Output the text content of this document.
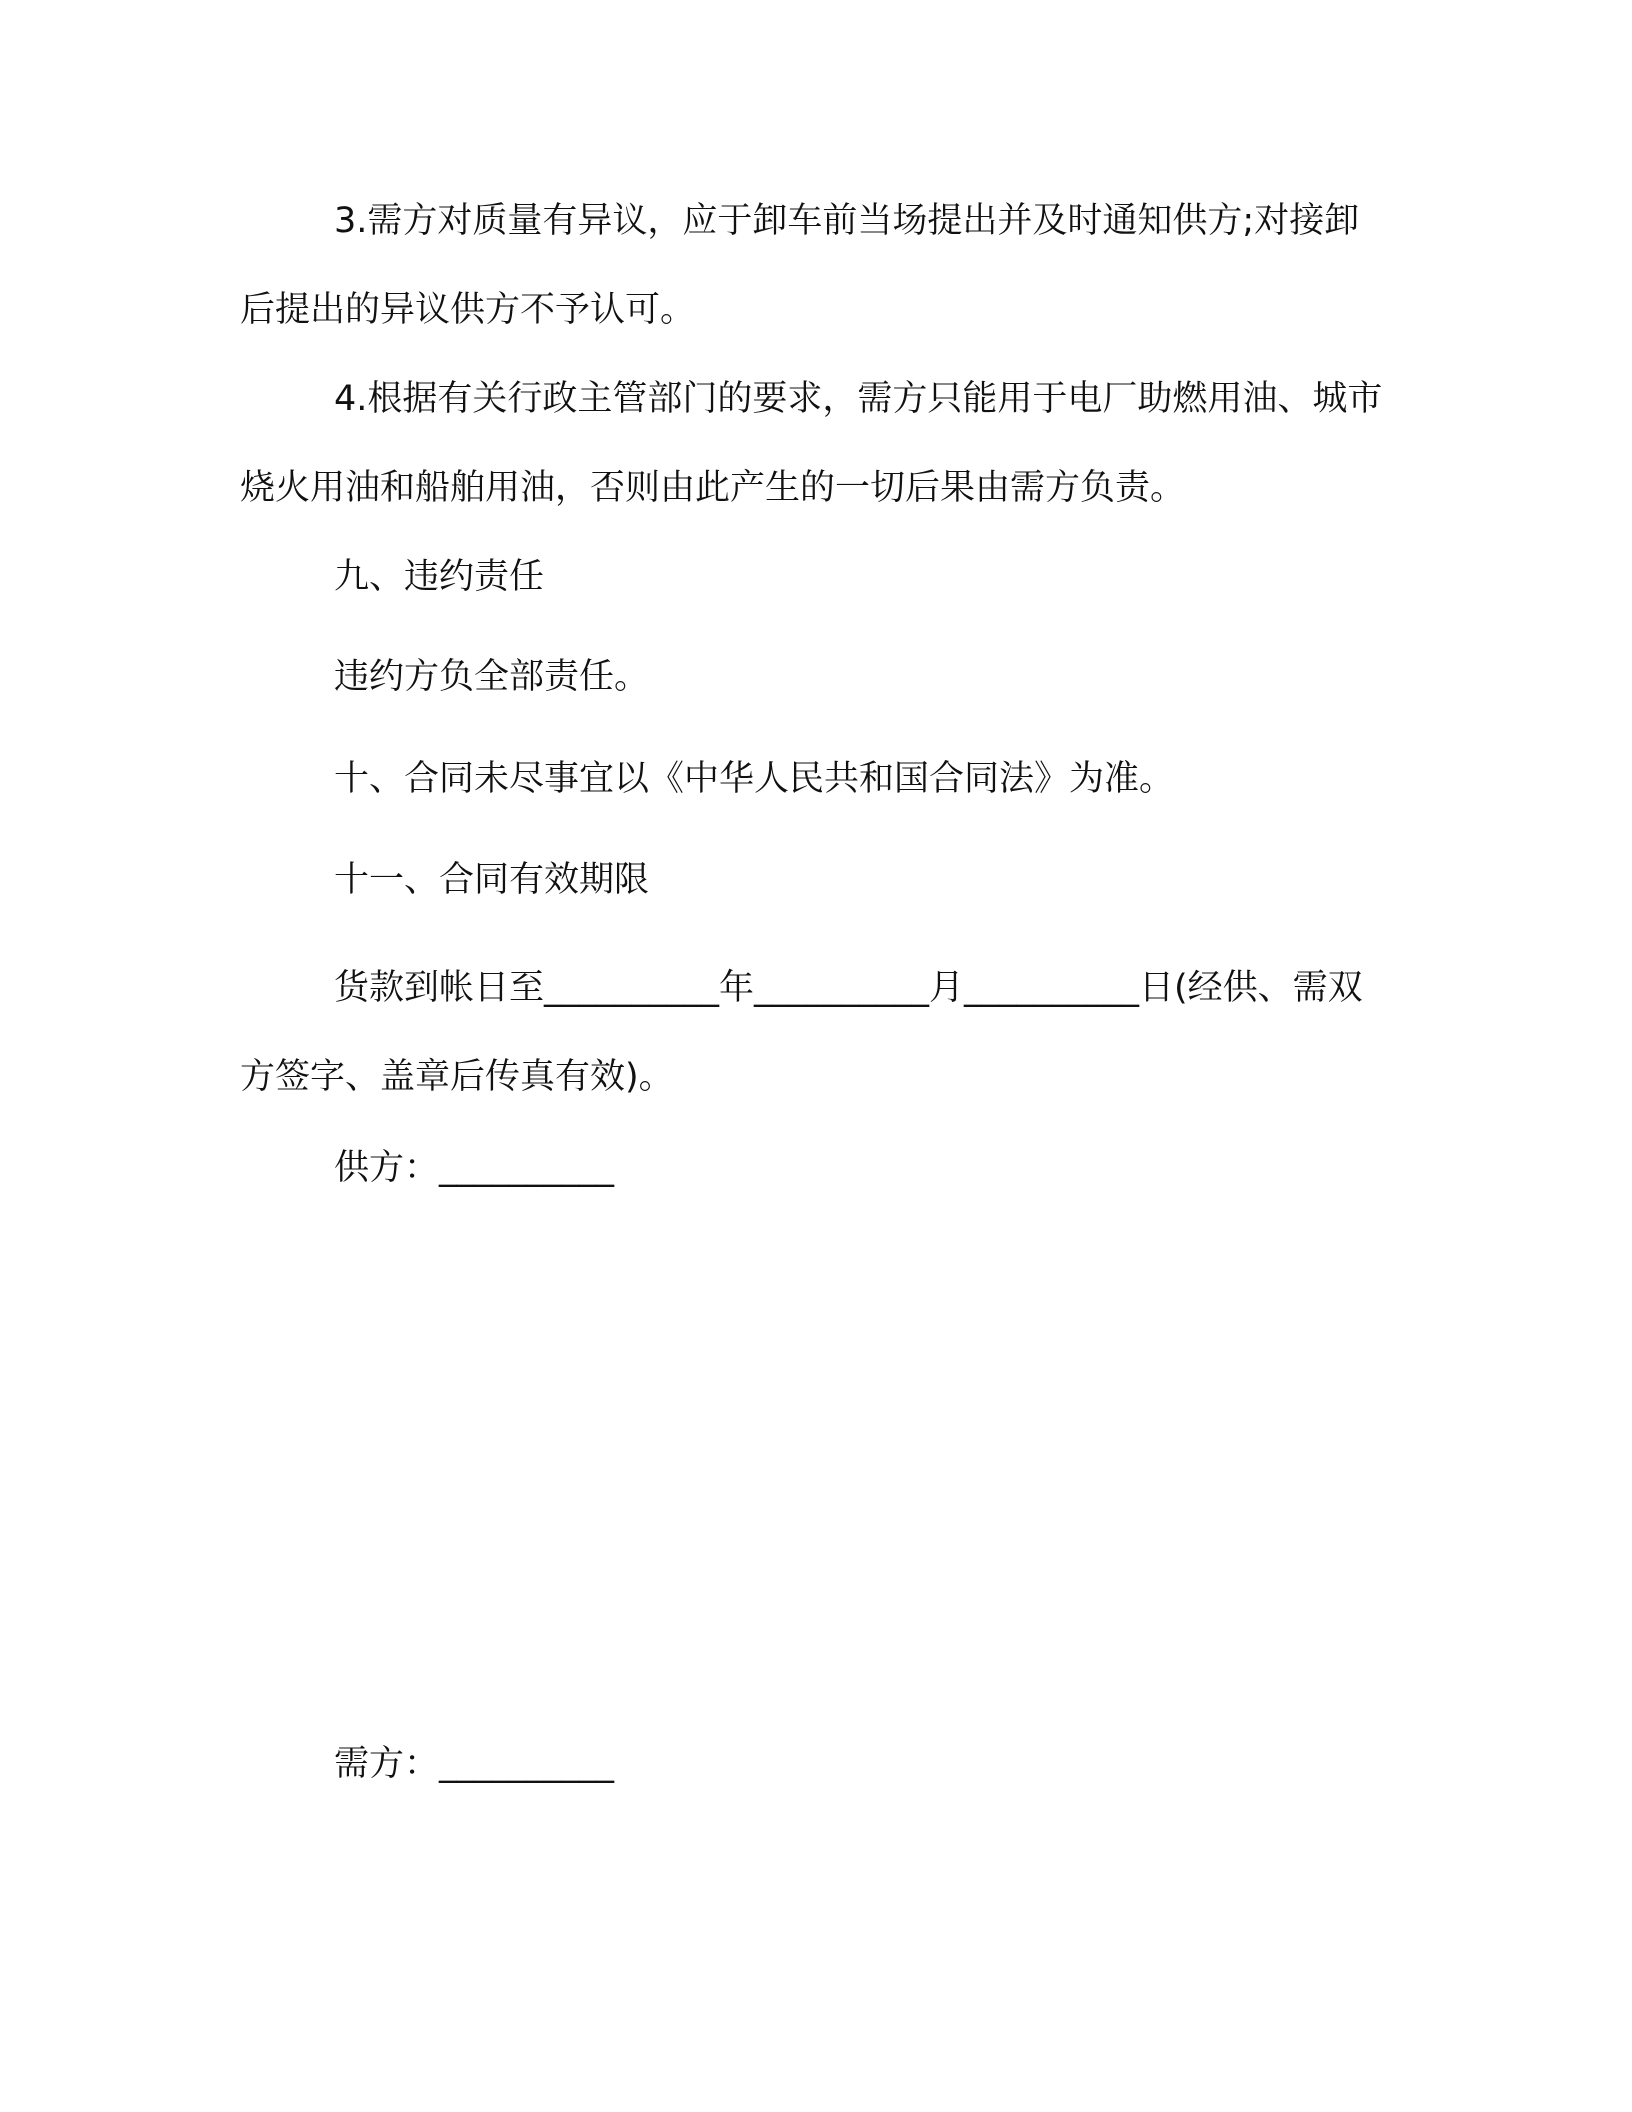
3.需方对质量有异议，应于卸车前当场提出并及时通知供方;对接卸后提出的异议供方不予认可。

4.根据有关行政主管部门的要求，需方只能用于电厂助燃用油、城市烧火用油和船舶用油，否则由此产生的一切后果由需方负责。

九、违约责任

违约方负全部责任。

十、合同未尽事宜以《中华人民共和国合同法》为准。

十一、合同有效期限

货款到帐日至__________年__________月__________日(经供、需双方签字、盖章后传真有效)。

供方：__________

需方：__________
